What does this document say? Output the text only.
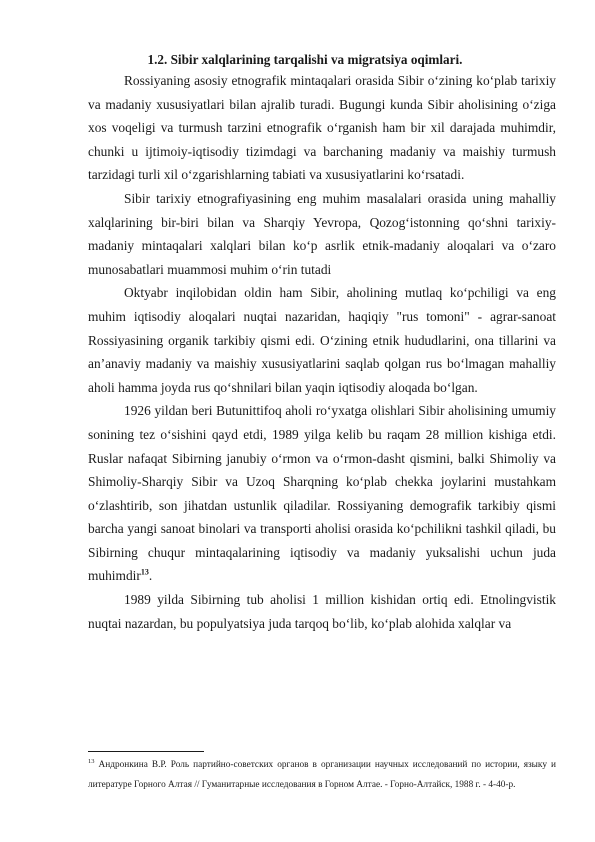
1.2. Sibir xalqlarining tarqalishi va migratsiya oqimlari.

Rossiyaning asosiy etnografik mintaqalari orasida Sibir o‘zining ko‘plab tarixiy va madaniy xususiyatlari bilan ajralib turadi. Bugungi kunda Sibir aholisining o‘ziga xos voqeligi va turmush tarzini etnografik o‘rganish ham bir xil darajada muhimdir, chunki u ijtimoiy-iqtisodiy tizimdagi va barchaning madaniy va maishiy turmush tarzidagi turli xil o‘zgarishlarning tabiati va xususiyatlarini ko‘rsatadi.

Sibir tarixiy etnografiyasining eng muhim masalalari orasida uning mahalliy xalqlarining bir-biri bilan va Sharqiy Yevropa, Qozog‘istonning qo‘shni tarixiy-madaniy mintaqalari xalqlari bilan ko‘p asrlik etnik-madaniy aloqalari va o‘zaro munosabatlari muammosi muhim o‘rin tutadi

Oktyabr inqilobidan oldin ham Sibir, aholining mutlaq ko‘pchiligi va eng muhim iqtisodiy aloqalari nuqtai nazaridan, haqiqiy "rus tomoni" - agrar-sanoat Rossiyasining organik tarkibiy qismi edi. O‘zining etnik hududlarini, ona tillarini va an’anaviy madaniy va maishiy xususiyatlarini saqlab qolgan rus bo‘lmagan mahalliy aholi hamma joyda rus qo‘shnilari bilan yaqin iqtisodiy aloqada bo‘lgan.

1926 yildan beri Butunittifoq aholi ro‘yxatga olishlari Sibir aholisining umumiy sonining tez o‘sishini qayd etdi, 1989 yilga kelib bu raqam 28 million kishiga etdi. Ruslar nafaqat Sibirning janubiy o‘rmon va o‘rmon-dasht qismini, balki Shimoliy va Shimoliy-Sharqiy Sibir va Uzoq Sharqning ko‘plab chekka joylarini mustahkam o‘zlashtirib, son jihatdan ustunlik qiladilar. Rossiyaning demografik tarkibiy qismi barcha yangi sanoat binolari va transporti aholisi orasida ko‘pchilikni tashkil qiladi, bu Sibirning chuqur mintaqalarining iqtisodiy va madaniy yuksalishi uchun juda muhimdir$^{13}$.

1989 yilda Sibirning tub aholisi 1 million kishidan ortiq edi. Etnolingvistik nuqtai nazardan, bu populyatsiya juda tarqoq bo‘lib, ko‘plab alohida xalqlar va

$^{13}$ Андронкина В.Р. Роль партийно-советских органов в организации научных исследований по истории, языку и литературе Горного Алтая // Гуманитарные исследования в Горном Алтае. - Горно-Алтайск, 1988 г. - 4-40-р.
